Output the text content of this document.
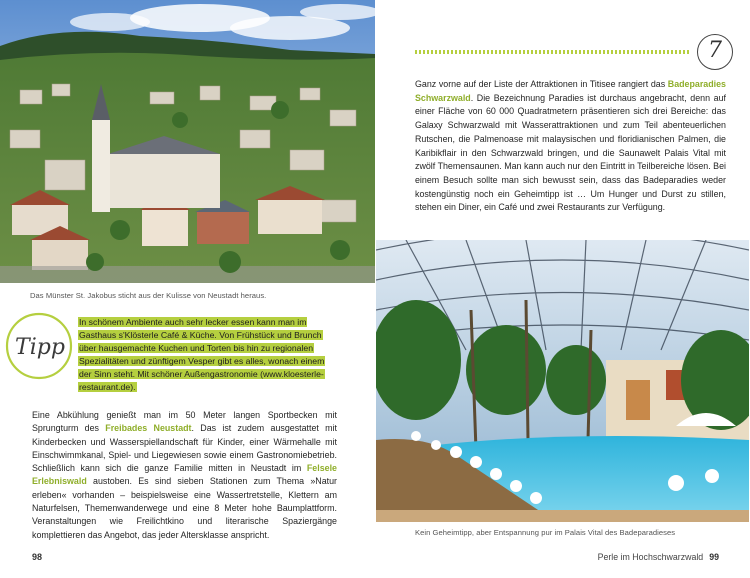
Das Münster St. Jakobus sticht aus der Kulisse von Neustadt heraus.
Tipp
In schönem Ambiente auch sehr lecker essen kann man im Gasthaus s'Klösterle Café & Küche. Von Frühstück und Brunch über hausgemachte Kuchen und Torten bis hin zu regionalen Spezialitäten und zünftigem Vesper gibt es alles, wonach einem der Sinn steht. Mit schöner Außengastronomie (www.kloesterle-restaurant.de).
Eine Abkühlung genießt man im 50 Meter langen Sportbecken mit Sprungturm des Freibades Neustadt. Das ist zudem ausgestattet mit Kinderbecken und Wasserspiellandschaft für Kinder, einer Wärmehalle mit Einschwimmkanal, Spiel- und Liegewiesen sowie einem Gastronomiebetrieb. Schließlich kann sich die ganze Familie mitten in Neustadt im Felsele Erlebniswald austoben. Es sind sieben Stationen zum Thema »Natur erleben« vorhanden – beispielsweise eine Wassertretstelle, Klettern am Naturfelsen, Themenwanderwege und eine 8 Meter hohe Baumplattform. Veranstaltungen wie Freilichtkino und literarische Spaziergänge komplettieren das Angebot, das jeder Altersklasse anspricht.
98
7
Ganz vorne auf der Liste der Attraktionen in Titisee rangiert das Badeparadies Schwarzwald. Die Bezeichnung Paradies ist durchaus angebracht, denn auf einer Fläche von 60 000 Quadratmetern präsentieren sich drei Bereiche: das Galaxy Schwarzwald mit Wasserattraktionen und zum Teil abenteuerlichen Rutschen, die Palmenoase mit malaysischen und floridianischen Palmen, die Karibikflair in den Schwarzwald bringen, und die Saunawelt Palais Vital mit zwölf Themensaunen. Man kann auch nur den Eintritt in Teilbereiche lösen. Bei einem Besuch sollte man sich bewusst sein, dass das Badeparadies weder kostengünstig noch ein Geheimtipp ist … Um Hunger und Durst zu stillen, stehen ein Diner, ein Café und zwei Restaurants zur Verfügung.
Kein Geheimtipp, aber Entspannung pur im Palais Vital des Badeparadieses
Perle im Hochschwarzwald 99
